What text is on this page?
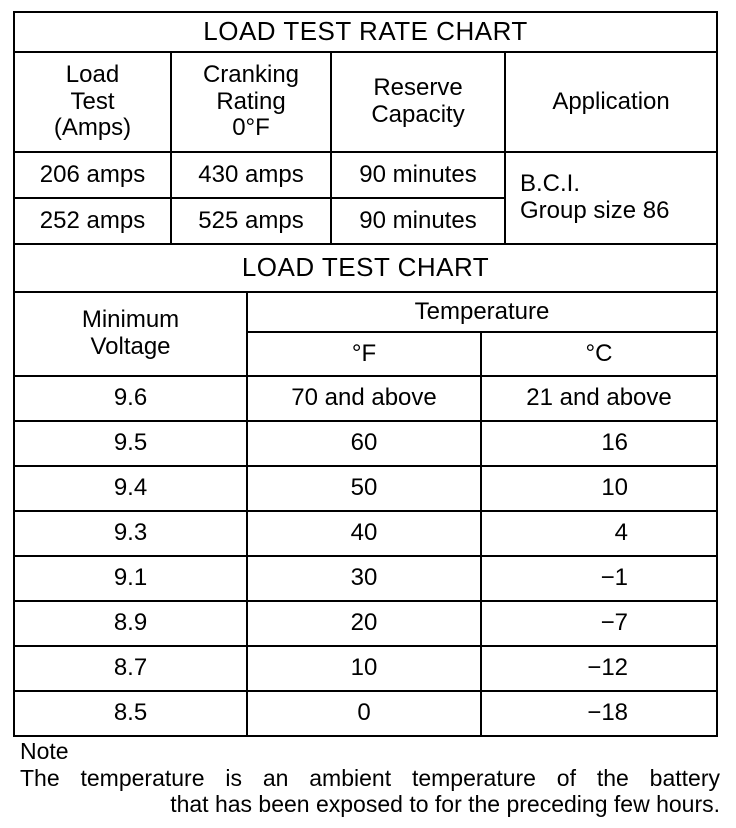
LOAD TEST RATE CHART			
Load
Test
(Amps)	Cranking
Rating
0°F	Reserve
Capacity	Application
206 amps	430 amps	90 minutes	B.C.I.
Group size 86
252 amps	525 amps	90 minutes	
LOAD TEST CHART		
Minimum
Voltage	Temperature	
	°F	°C
9.6	70 and above	21 and above
9.5	60	16
9.4	50	10
9.3	40	4
9.1	30	−1
8.9	20	−7
8.7	10	−12
8.5	0	−18
Note
The temperature is an ambient temperature of the battery
that has been exposed to for the preceding few hours.
